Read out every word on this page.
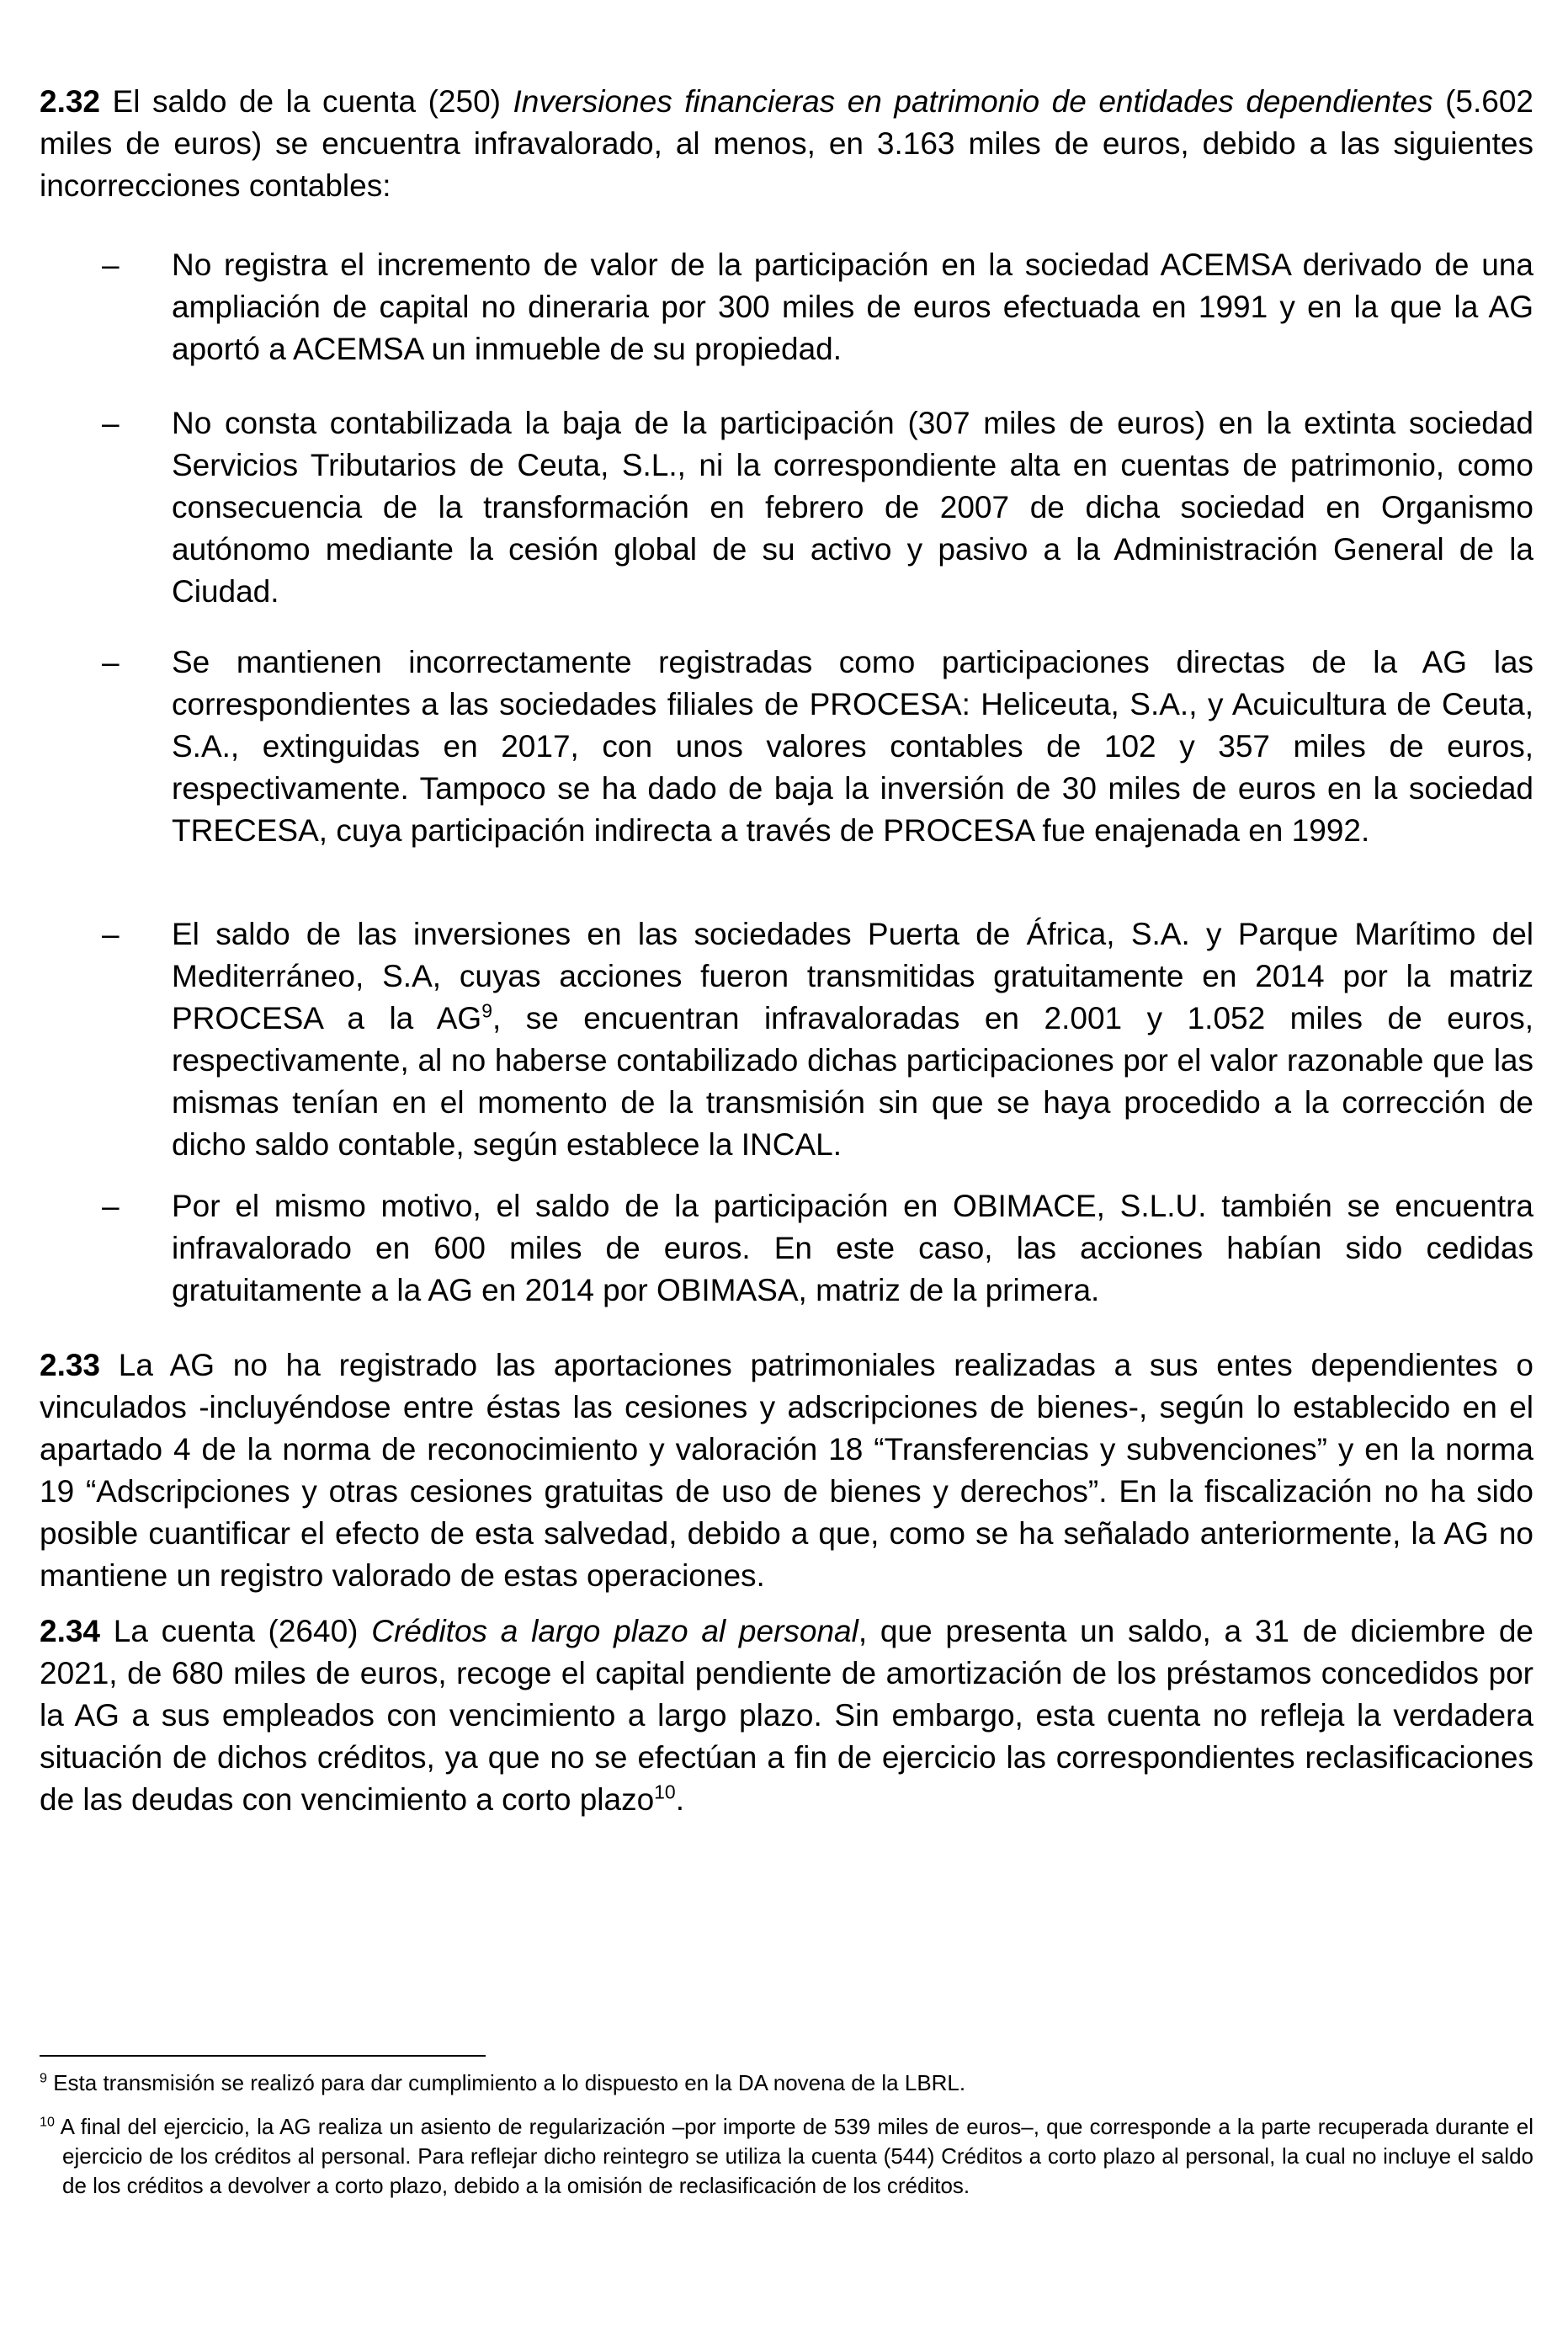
2.32 El saldo de la cuenta (250) Inversiones financieras en patrimonio de entidades dependientes (5.602 miles de euros) se encuentra infravalorado, al menos, en 3.163 miles de euros, debido a las siguientes incorrecciones contables:

– No registra el incremento de valor de la participación en la sociedad ACEMSA derivado de una ampliación de capital no dineraria por 300 miles de euros efectuada en 1991 y en la que la AG aportó a ACEMSA un inmueble de su propiedad.
– No consta contabilizada la baja de la participación (307 miles de euros) en la extinta sociedad Servicios Tributarios de Ceuta, S.L., ni la correspondiente alta en cuentas de patrimonio, como consecuencia de la transformación en febrero de 2007 de dicha sociedad en Organismo autónomo mediante la cesión global de su activo y pasivo a la Administración General de la Ciudad.
– Se mantienen incorrectamente registradas como participaciones directas de la AG las correspondientes a las sociedades filiales de PROCESA: Heliceuta, S.A., y Acuicultura de Ceuta, S.A., extinguidas en 2017, con unos valores contables de 102 y 357 miles de euros, respectivamente. Tampoco se ha dado de baja la inversión de 30 miles de euros en la sociedad TRECESA, cuya participación indirecta a través de PROCESA fue enajenada en 1992.
– El saldo de las inversiones en las sociedades Puerta de África, S.A. y Parque Marítimo del Mediterráneo, S.A, cuyas acciones fueron transmitidas gratuitamente en 2014 por la matriz PROCESA a la $AG^9$, se encuentran infravaloradas en 2.001 y 1.052 miles de euros, respectivamente, al no haberse contabilizado dichas participaciones por el valor razonable que las mismas tenían en el momento de la transmisión sin que se haya procedido a la corrección de dicho saldo contable, según establece la INCAL.
– Por el mismo motivo, el saldo de la participación en OBIMACE, S.L.U. también se encuentra infravalorado en 600 miles de euros. En este caso, las acciones habían sido cedidas gratuitamente a la AG en 2014 por OBIMASA, matriz de la primera.

2.33 La AG no ha registrado las aportaciones patrimoniales realizadas a sus entes dependientes o vinculados -incluyéndose entre éstas las cesiones y adscripciones de bienes-, según lo establecido en el apartado 4 de la norma de reconocimiento y valoración 18 “Transferencias y subvenciones” y en la norma 19 “Adscripciones y otras cesiones gratuitas de uso de bienes y derechos”. En la fiscalización no ha sido posible cuantificar el efecto de esta salvedad, debido a que, como se ha señalado anteriormente, la AG no mantiene un registro valorado de estas operaciones.

2.34 La cuenta (2640) Créditos a largo plazo al personal, que presenta un saldo, a 31 de diciembre de 2021, de 680 miles de euros, recoge el capital pendiente de amortización de los préstamos concedidos por la AG a sus empleados con vencimiento a largo plazo. Sin embargo, esta cuenta no refleja la verdadera situación de dichos créditos, ya que no se efectúan a fin de ejercicio las correspondientes reclasificaciones de las deudas con vencimiento a corto plazo$^{10}$.

$^9$ Esta transmisión se realizó para dar cumplimiento a lo dispuesto en la DA novena de la LBRL.
$^{10}$ A final del ejercicio, la AG realiza un asiento de regularización –por importe de 539 miles de euros–, que corresponde a la parte recuperada durante el ejercicio de los créditos al personal. Para reflejar dicho reintegro se utiliza la cuenta (544) Créditos a corto plazo al personal, la cual no incluye el saldo de los créditos a devolver a corto plazo, debido a la omisión de reclasificación de los créditos.
